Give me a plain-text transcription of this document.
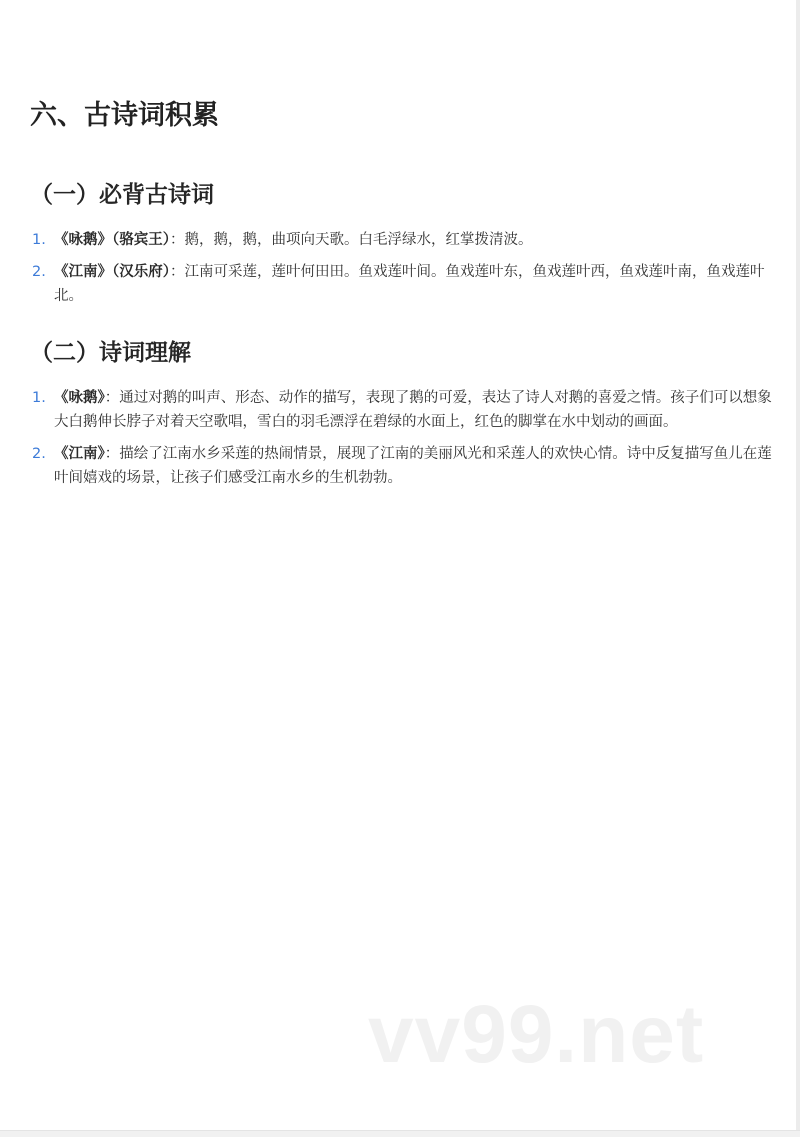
六、古诗词积累
（一）必背古诗词
1. 《咏鹅》（骆宾王）：鹅，鹅，鹅，曲项向天歌。白毛浮绿水，红掌拨清波。
2. 《江南》（汉乐府）：江南可采莲，莲叶何田田。鱼戏莲叶间。鱼戏莲叶东，鱼戏莲叶西，鱼戏莲叶南，鱼戏莲叶北。
（二）诗词理解
1. 《咏鹅》：通过对鹅的叫声、形态、动作的描写，表现了鹅的可爱，表达了诗人对鹅的喜爱之情。孩子们可以想象大白鹅伸长脖子对着天空歌唱，雪白的羽毛漂浮在碧绿的水面上，红色的脚掌在水中划动的画面。
2. 《江南》：描绘了江南水乡采莲的热闹情景，展现了江南的美丽风光和采莲人的欢快心情。诗中反复描写鱼儿在莲叶间嬉戏的场景，让孩子们感受江南水乡的生机勃勃。
vv99.net
